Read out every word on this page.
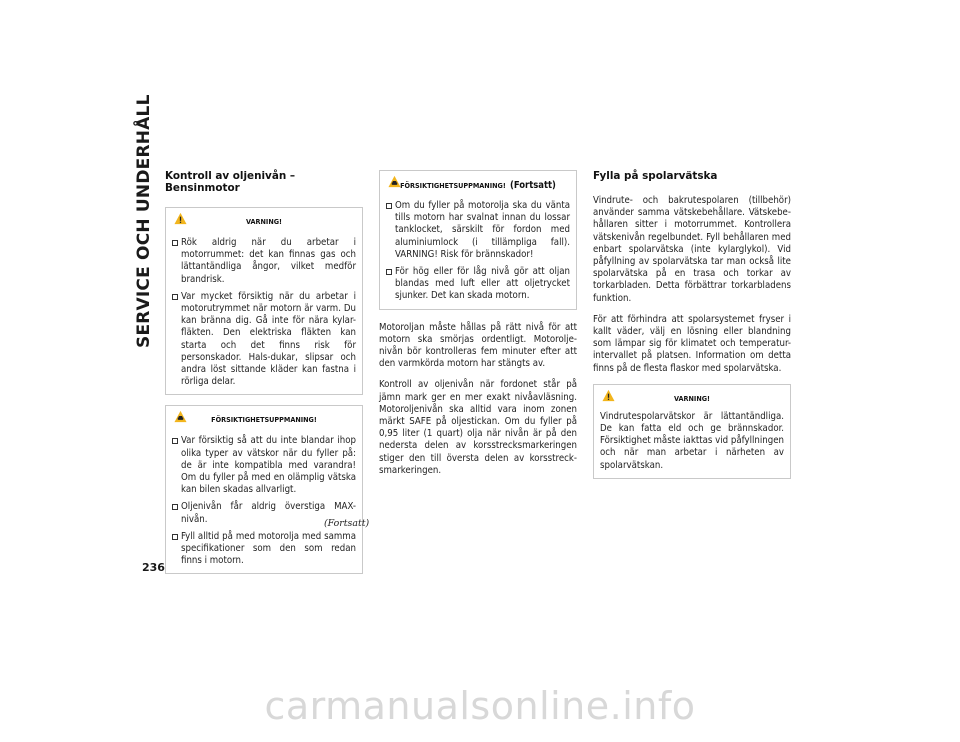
SERVICE OCH UNDERHÅLL
236
Kontroll av oljenivån – Bensinmotor
VARNING!
Rök aldrig när du arbetar i motorrummet: det kan finnas gas och lättantändliga ångor, vilket medför brandrisk.
Var mycket försiktig när du arbetar i motorutrymmet när motorn är varm. Du kan bränna dig. Gå inte för nära kylar-fläkten. Den elektriska fläkten kan starta och det finns risk för personskador. Hals-dukar, slipsar och andra löst sittande kläder kan fastna i rörliga delar.
FÖRSIKTIGHETSUPPMANING!
Var försiktig så att du inte blandar ihop olika typer av vätskor när du fyller på: de är inte kompatibla med varandra! Om du fyller på med en olämplig vätska kan bilen skadas allvarligt.
Oljenivån får aldrig överstiga MAX-nivån.
Fyll alltid på med motorolja med samma specifikationer som den som redan finns i motorn.
(Fortsatt)
FÖRSIKTIGHETSUPPMANING! (Fortsatt)
Om du fyller på motorolja ska du vänta tills motorn har svalnat innan du lossar tanklocket, särskilt för fordon med aluminiumlock (i tillämpliga fall). VARNING! Risk för brännskador!
För hög eller för låg nivå gör att oljan blandas med luft eller att oljetrycket sjunker. Det kan skada motorn.

Motoroljan måste hållas på rätt nivå för att motorn ska smörjas ordentligt. Motorolje-nivån bör kontrolleras fem minuter efter att den varmkörda motorn har stängts av.

Kontroll av oljenivån när fordonet står på jämn mark ger en mer exakt nivåavläsning. Motoroljenivån ska alltid vara inom zonen märkt SAFE på oljestickan. Om du fyller på 0,95 liter (1 quart) olja när nivån är på den nedersta delen av korsstrecksmarkeringen stiger den till översta delen av korsstreck-smarkeringen.

Fylla på spolarvätska

Vindrute- och bakrutespolaren (tillbehör) använder samma vätskebehållare. Vätskebe-hållaren sitter i motorrummet. Kontrollera vätskenivån regelbundet. Fyll behållaren med enbart spolarvätska (inte kylarglykol). Vid påfyllning av spolarvätska tar man också lite spolarvätska på en trasa och torkar av torkarbladen. Detta förbättrar torkarbladens funktion.

För att förhindra att spolarsystemet fryser i kallt väder, välj en lösning eller blandning som lämpar sig för klimatet och temperatur-intervallet på platsen. Information om detta finns på de flesta flaskor med spolarvätska.

VARNING!

Vindrutespolarvätskor är lättantändliga. De kan fatta eld och ge brännskador. Försiktighet måste iakttas vid påfyllningen och när man arbetar i närheten av spolarvätskan.

carmanualsonline.info
